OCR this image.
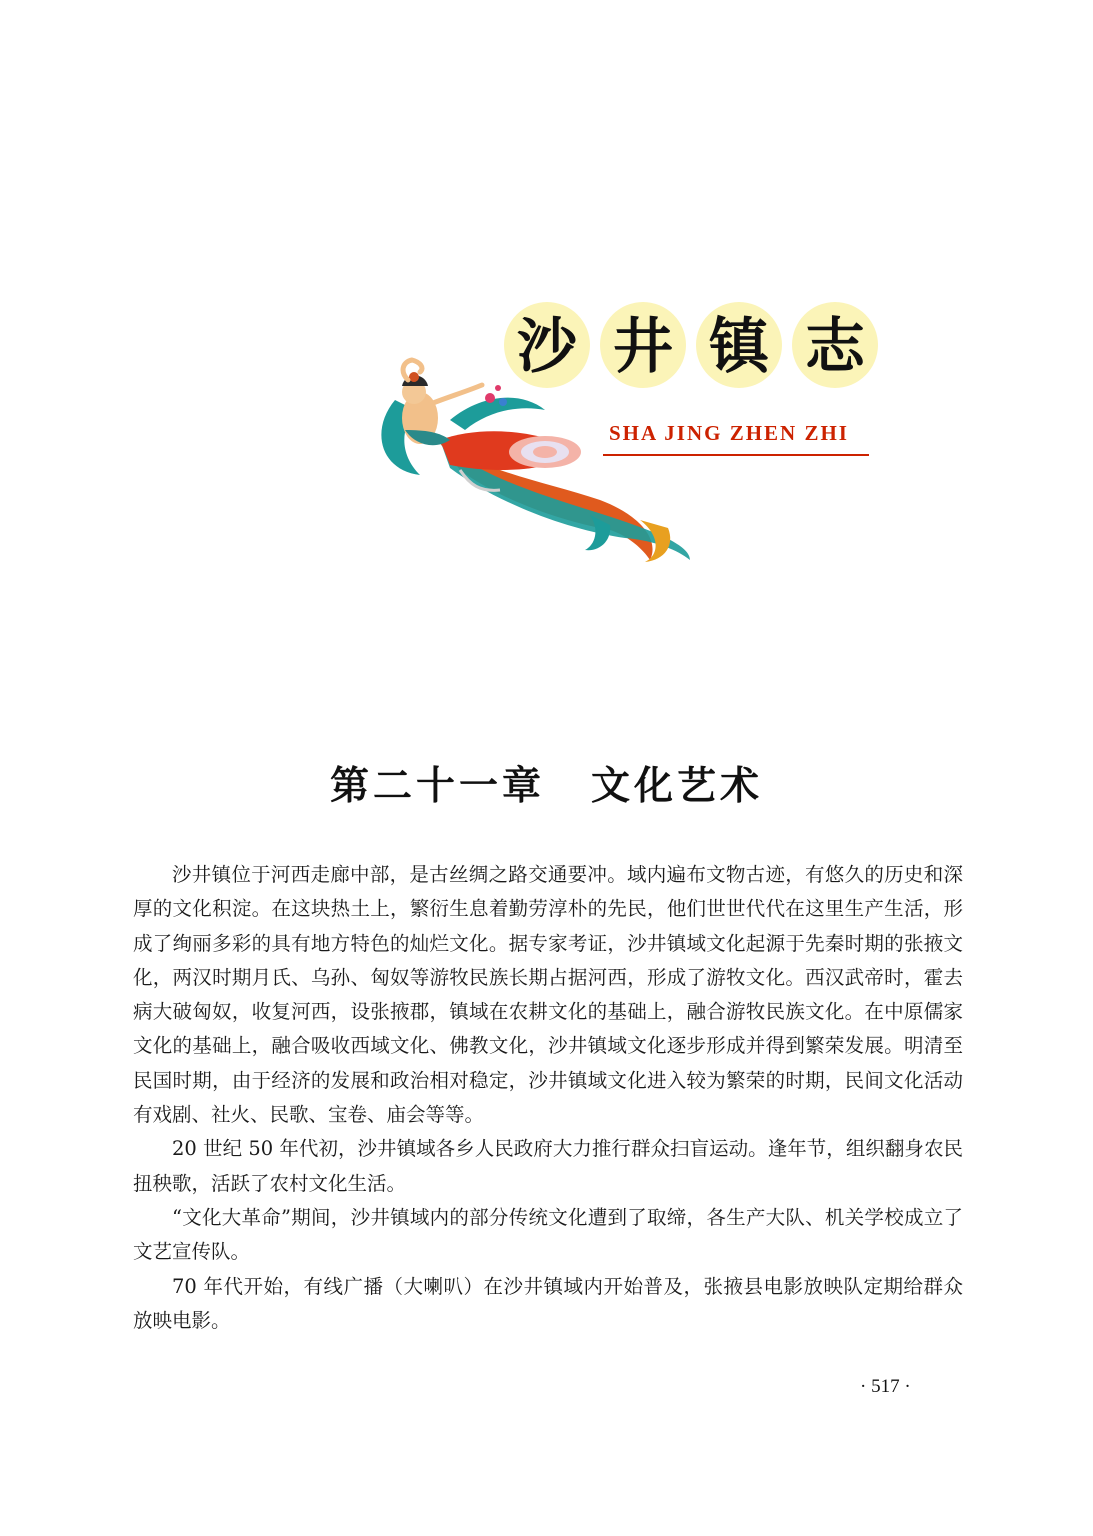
沙 井 镇 志
SHA JING ZHEN ZHI
第二十一章 文化艺术

沙井镇位于河西走廊中部，是古丝绸之路交通要冲。域内遍布文物古迹，有悠久的历史和深厚的文化积淀。在这块热土上，繁衍生息着勤劳淳朴的先民，他们世世代代在这里生产生活，形成了绚丽多彩的具有地方特色的灿烂文化。据专家考证，沙井镇域文化起源于先秦时期的张掖文化，两汉时期月氏、乌孙、匈奴等游牧民族长期占据河西，形成了游牧文化。西汉武帝时，霍去病大破匈奴，收复河西，设张掖郡，镇域在农耕文化的基础上，融合游牧民族文化。在中原儒家文化的基础上，融合吸收西域文化、佛教文化，沙井镇域文化逐步形成并得到繁荣发展。明清至民国时期，由于经济的发展和政治相对稳定，沙井镇域文化进入较为繁荣的时期，民间文化活动有戏剧、社火、民歌、宝卷、庙会等等。

20 世纪 50 年代初，沙井镇域各乡人民政府大力推行群众扫盲运动。逢年节，组织翻身农民扭秧歌，活跃了农村文化生活。

“文化大革命”期间，沙井镇域内的部分传统文化遭到了取缔，各生产大队、机关学校成立了文艺宣传队。

70 年代开始，有线广播（大喇叭）在沙井镇域内开始普及，张掖县电影放映队定期给群众放映电影。

· 517 ·
